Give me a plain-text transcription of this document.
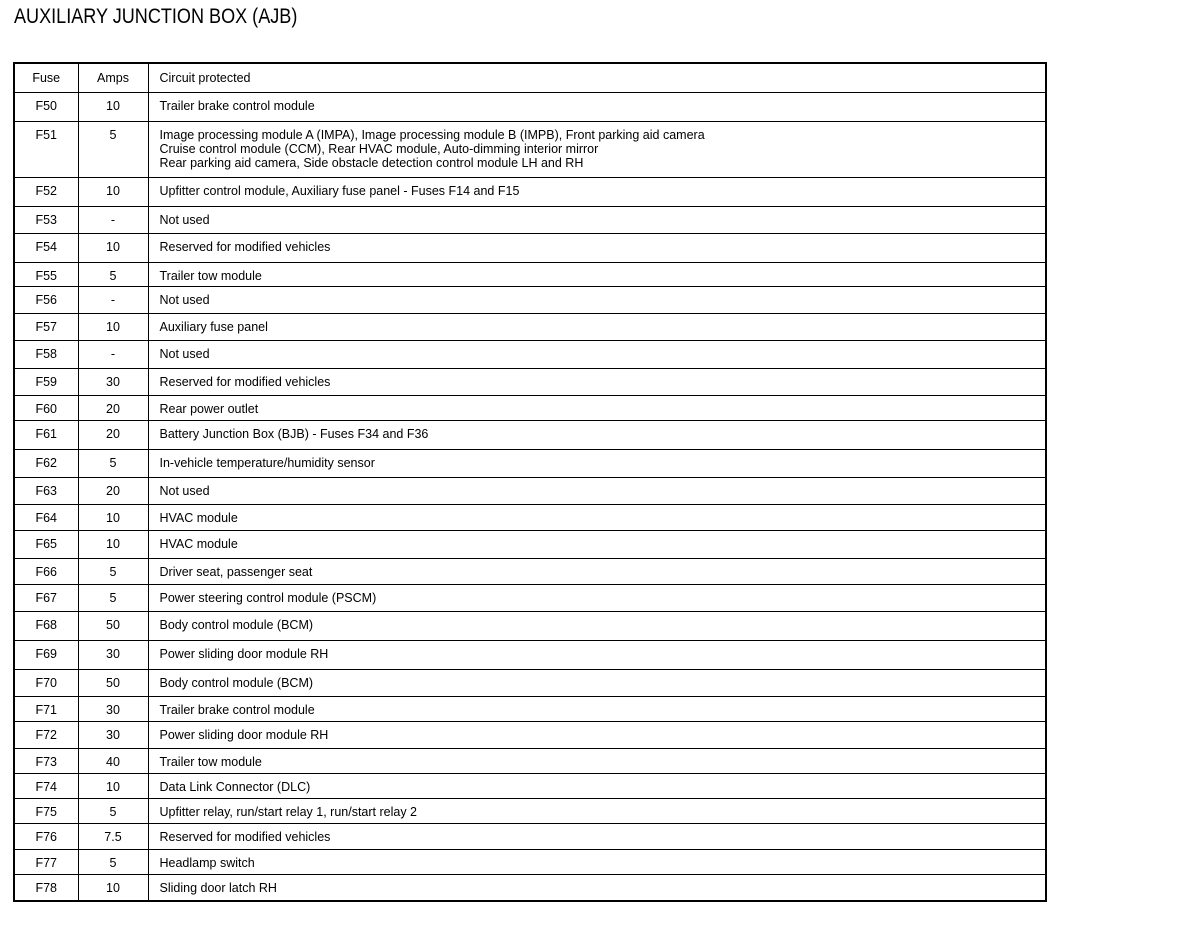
AUXILIARY JUNCTION BOX (AJB)
Fuse	Amps	Circuit protected
F50	10	Trailer brake control module

F51	5	Image processing module A (IMPA), Image processing module B (IMPB), Front parking aid camera
Cruise control module (CCM), Rear HVAC module, Auto-dimming interior mirror
Rear parking aid camera, Side obstacle detection control module LH and RH

F52	10	Upfitter control module, Auxiliary fuse panel - Fuses F14 and F15

F53	-	Not used

F54	10	Reserved for modified vehicles

F55	5	Trailer tow module

F56	-	Not used

F57	10	Auxiliary fuse panel

F58	-	Not used

F59	30	Reserved for modified vehicles

F60	20	Rear power outlet

F61	20	Battery Junction Box (BJB) - Fuses F34 and F36

F62	5	In-vehicle temperature/humidity sensor

F63	20	Not used

F64	10	HVAC module

F65	10	HVAC module

F66	5	Driver seat, passenger seat

F67	5	Power steering control module (PSCM)

F68	50	Body control module (BCM)

F69	30	Power sliding door module RH

F70	50	Body control module (BCM)

F71	30	Trailer brake control module

F72	30	Power sliding door module RH

F73	40	Trailer tow module

F74	10	Data Link Connector (DLC)

F75	5	Upfitter relay, run/start relay 1, run/start relay 2

F76	7.5	Reserved for modified vehicles

F77	5	Headlamp switch

F78	10	Sliding door latch RH
